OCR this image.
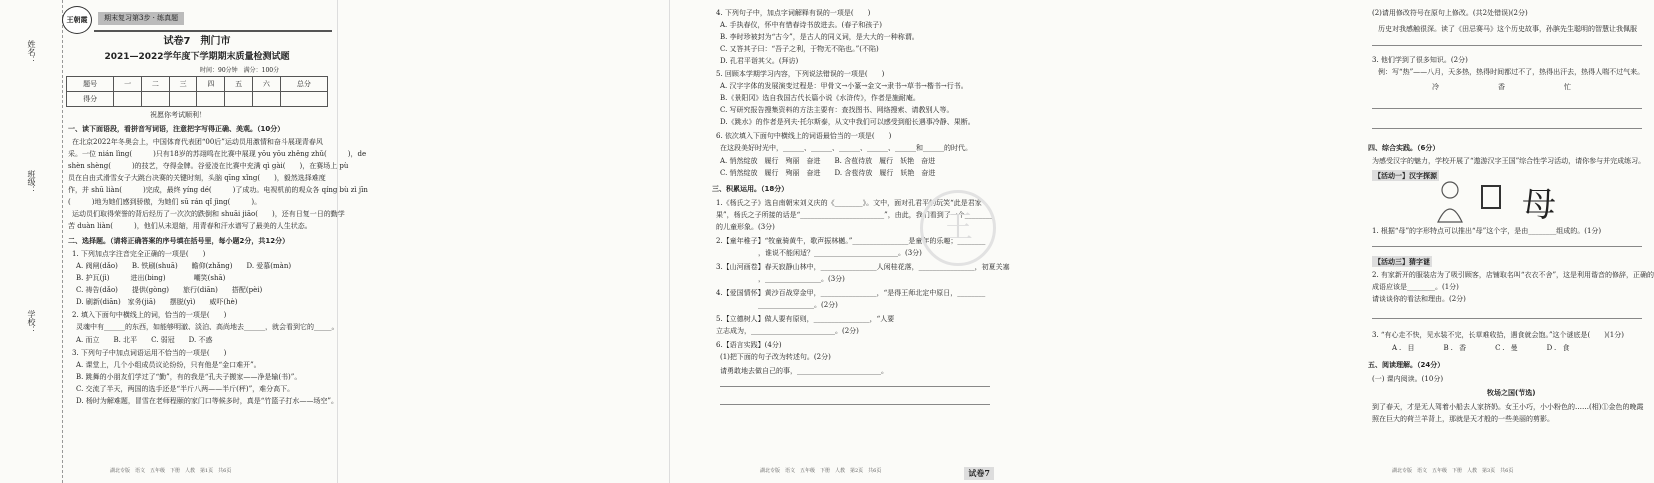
姓名：
班级：
学校：
王朝霞	期末复习第3步 · 练真题
试卷7　荆门市
2021—2022学年度下学期期末质量检测试题
时间：90分钟　满分：100分
题号	一	二	三	四	五	六	总分
得分							
祝愿你考试顺利！
一、读下面语段，看拼音写词语，注意把字写得正确、美观。（10分）
在北京2022年冬奥会上，中国体育代表团“00后”运动员用激情和奋斗展现青春风
采。一位 nián lìng(　　　)只有18岁的苏翊鸣在比赛中展现 yōu yōu zhěng zhǔ(　　　)，de
shèn shèng(　　　)的技艺，夺得金牌。谷爱凌在比赛中充满 qì gài(　　)，在赛场上 pù
员在自由式滑雪女子大跳台决赛的关键时刻，头脑 qīng xǐng(　　)，毅然选择难度
作，并 shū liàn(　　　)完成，最终 yíng dé(　　　)了成功。电视机前的观众各 qíng bù zì jīn
(　　　)地为她们感到骄傲，为她们 sū rán qǐ jìng(　　　)。
运动员们取得荣誉的背后经历了一次次的跌倒和 shuāi jiāo(　　)，还有日复一日的勤学
苦 duàn liàn(　　　)，他们从未退缩，用青春和汗水谱写了最美的人生状态。
二、选择题。（请将正确答案的序号填在括号里，每小题2分，共12分）
1. 下列加点字注音完全正确的一项是(　　)
A. 阀闸(dǎo)　　B. 铁刷(shuā)　　瞻仰(zhǎng)　　D. 爱慕(màn)
B. 护瓦(jì)　　　进出(bing)　　　　嘲笑(shā)　　
C. 祷告(dǎo)　　提供(gòng)　　旅行(diān)　　搭配(pèi)
D. 刷新(diān)　家务(jiā)　　摆脱(yì)　　威吓(hè)
2. 填入下面句中横线上的词，恰当的一项是(　　)
灵魂中有______的东西，如能够明澈、淡泊、高尚地去______，就会看到它的_____。
A. 而立　　B. 北平　　C. 弱冠　　D. 不惑
3. 下列句子中加点词语运用不恰当的一项是(　　)
A. 课堂上，几个小组成员议论纷纷，只有他是“金口难开”。
B. 跳舞的小朋友们学过了“勤”，有的我是“孔夫子搬家——净是输(书)”。
C. 交流了半天，两国的选手还是“半斤八两——半斤(秤)”，难分高下。
D. 杨时为解难题，冒雪在老师程颐的家门口等候多时，真是“竹篮子打水——场空”。
湖北专版　语文　五年级　下册　人教　第1页　共6页
4. 下列句子中，加点字词解释有误的一项是(　　)
A. 手执春仪，怀中有惜春诗书放进去。(春子和孩子)
B. 李时珍被封为“古今”，是古人的同义词，是大大的一种称谓。
C. 又答其子曰：“吾子之利，于物无不陷也。”(不陷)
D. 孔君平诣其父。(拜访)
5. 回顾本学期学习内容，下列说法错误的一项是(　　)
A. 汉字字体的发展演变过程是：甲骨文→小篆→金文→隶书→草书→楷书→行书。
B.《景阳冈》选自我国古代长篇小说《水浒传》，作者是施耐庵。
C. 写研究报告搜集资料的方法主要有：查找图书、网络搜索、请教别人等。
D.《跳水》的作者是列夫·托尔斯泰，从文中我们可以感受到船长遇事冷静、果断。
6. 依次填入下面句中横线上的词语最恰当的一项是(　　)
在这段美好时光中，______、______、______、______、______和______的时代。
A. 悄然绽放　履行　殉丽　奋进　　B. 含苞待放　履行　妖艳　奋进
C. 悄然绽放　履行　殉丽　奋进　　D. 含苞待放　履行　妖艳　奋进
三、积累运用。（18分）
1.《杨氏之子》选自南朝宋刘义庆的《________》。文中，面对孔君平的玩笑“此是君家
果”，杨氏之子所接的话是“________________________”，由此，我们看到了一个________
的儿童形象。(3分)
2.【童年稚子】“牧童骑黄牛，歌声振林樾。”________________是童年的乐趣；________
　　　　　　，谁说不能闲适？________________________。(3分)
3.【山河画卷】春天寂静山林中，________________人闲桂花落，________________，初夏关塞
　　　　　　，________________。(3分)
4.【爱国情怀】黄沙百战穿金甲，________________，“是得王师北定中原日，________
　　　　　　________________。(2分)
5.【立德树人】做人要有原则，________________，“人要
立志成为，________________________。(2分)
6.【语言实践】(4分)
(1)把下面的句子改为转述句。(2分)
请勇敢地去做自己的事，________________________。
湖北专版　语文　五年级　下册　人教　第2页　共6页
(2)请用修改符号在原句上修改。(共2处错误)(2分)
历史对我感触很深。读了《田忌赛马》这个历史故事，孙膑先生聪明的智慧让我佩服
3. 他们学到了很多知识。(2分)
例：写“热”——八月，天多热，热得时间都过不了，热得出汗去，热得人喘不过气来。
冷　　　　　香　　　　　忙
四、综合实践。（6分）
为感受汉字的魅力，学校开展了“遨游汉字王国”综合性学习活动，请你参与并完成练习。
【活动一】汉字探源
母
1. 根据“母”的字形特点可以推出“母”这个字，是由________组成的。(1分)
【活动三】猜字谜
2. 有家新开的服装店为了吸引顾客，店铺取名叫“衣衣不舍”，这是利用谐音的修辞，正确的
成语应该是________。(1分)
请谈谈你的看法和理由。(2分)
3. “有心走不快，见水装不完，长草难收拾，遇食就会饱。”这个谜底是(　　)(1分)
A. 目　　　B. 香　　　C. 曼　　　D. 食
五、阅读理解。（24分）
(一) 课内阅读。(10分)
牧场之国(节选)
到了春天，才是无人驾着小船去人家挤奶。女王小巧，小小粉色的……(相)①金色的晚霞
照在巨大的荷兰羊背上，那就是天才般的一些美丽的剪影。
湖北专版　语文　五年级　下册　人教　第3页　共6页
王
试卷7
